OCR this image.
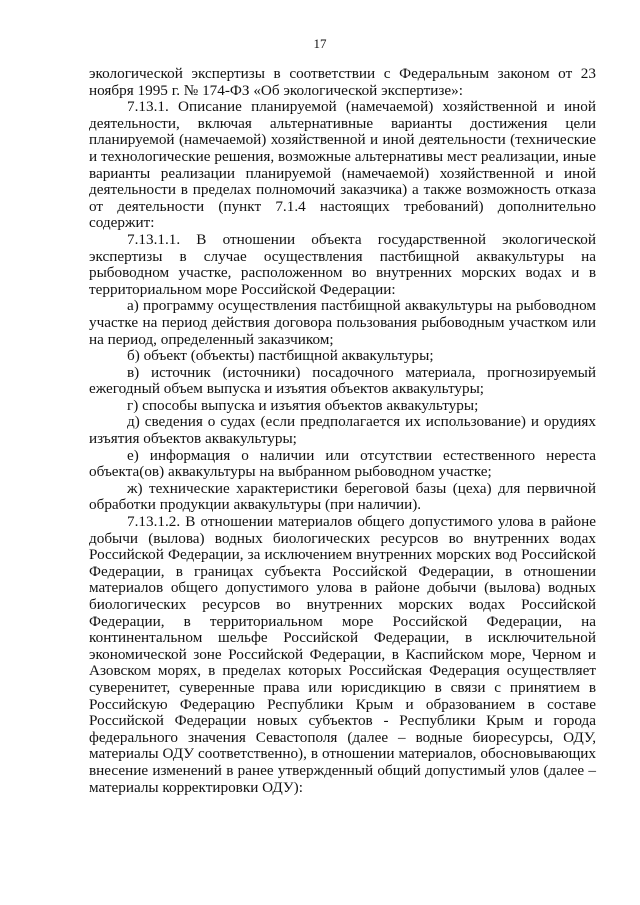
17

экологической экспертизы в соответствии с Федеральным законом от 23 ноября 1995 г. № 174-ФЗ «Об экологической экспертизе»:

7.13.1. Описание планируемой (намечаемой) хозяйственной и иной деятельности, включая альтернативные варианты достижения цели планируемой (намечаемой) хозяйственной и иной деятельности (технические и технологические решения, возможные альтернативы мест реализации, иные варианты реализации планируемой (намечаемой) хозяйственной и иной деятельности в пределах полномочий заказчика) а также возможность отказа от деятельности (пункт 7.1.4 настоящих требований) дополнительно содержит:

7.13.1.1. В отношении объекта государственной экологической экспертизы в случае осуществления пастбищной аквакультуры на рыбоводном участке, расположенном во внутренних морских водах и в территориальном море Российской Федерации:

а) программу осуществления пастбищной аквакультуры на рыбоводном участке на период действия договора пользования рыбоводным участком или на период, определенный заказчиком;

б) объект (объекты) пастбищной аквакультуры;

в) источник (источники) посадочного материала, прогнозируемый ежегодный объем выпуска и изъятия объектов аквакультуры;

г) способы выпуска и изъятия объектов аквакультуры;

д) сведения о судах (если предполагается их использование) и орудиях изъятия объектов аквакультуры;

е) информация о наличии или отсутствии естественного нереста объекта(ов) аквакультуры на выбранном рыбоводном участке;

ж) технические характеристики береговой базы (цеха) для первичной обработки продукции аквакультуры (при наличии).

7.13.1.2. В отношении материалов общего допустимого улова в районе добычи (вылова) водных биологических ресурсов во внутренних водах Российской Федерации, за исключением внутренних морских вод Российской Федерации, в границах субъекта Российской Федерации, в отношении материалов общего допустимого улова в районе добычи (вылова) водных биологических ресурсов во внутренних морских водах Российской Федерации, в территориальном море Российской Федерации, на континентальном шельфе Российской Федерации, в исключительной экономической зоне Российской Федерации, в Каспийском море, Черном и Азовском морях, в пределах которых Российская Федерация осуществляет суверенитет, суверенные права или юрисдикцию в связи с принятием в Российскую Федерацию Республики Крым и образованием в составе Российской Федерации новых субъектов - Республики Крым и города федерального значения Севастополя (далее – водные биоресурсы, ОДУ, материалы ОДУ соответственно), в отношении материалов, обосновывающих внесение изменений в ранее утвержденный общий допустимый улов (далее – материалы корректировки ОДУ):
